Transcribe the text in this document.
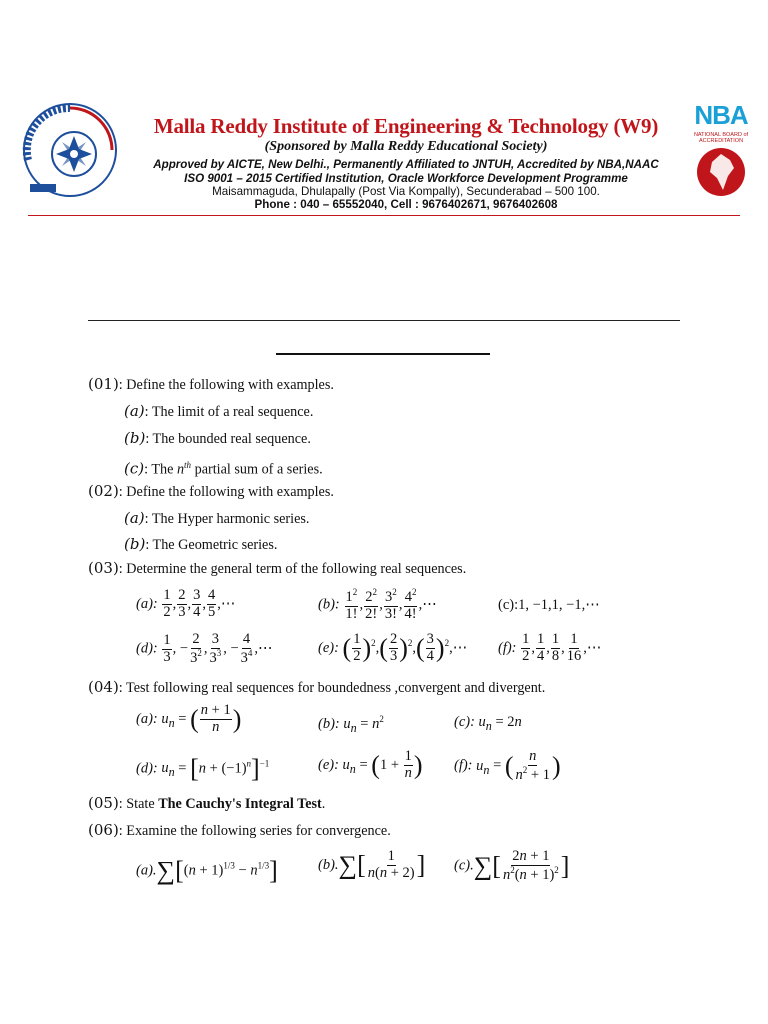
Malla Reddy Institute of Engineering & Technology (W9)
(Sponsored by Malla Reddy Educational Society)
Approved by AICTE, New Delhi., Permanently Affiliated to JNTUH, Accredited by NBA,NAAC
ISO 9001 – 2015 Certified Institution, Oracle Workforce Development Programme
Maisammaguda, Dhulapally (Post Via Kompally), Secunderabad – 500 100.
Phone : 040 – 65552040, Cell : 9676402671, 9676402608
NBA
NATIONAL BOARD of ACCREDITATION
(01): Define the following with examples.
(a): The limit of a real sequence.
(b): The bounded real sequence.
(c): The $n^{th}$ partial sum of a series.
(02): Define the following with examples.
(a): The Hyper harmonic series.
(b): The Geometric series.
(03): Determine the general term of the following real sequences.
(a): $\frac{1}{2}$ , $\frac{2}{3}$ , $\frac{3}{4}$ , $\frac{4}{5}$ ,⋯	(b): $\frac{1^2}{1!}$ , $\frac{2^2}{2!}$ , $\frac{3^2}{3!}$ , $\frac{4^2}{4!}$ ,⋯	(c):1, −1,1, −1,⋯
(d): $\frac{1}{3}$ , − $\frac{2}{3^2}$ , $\frac{3}{3^3}$ , − $\frac{4}{3^4}$ ,⋯	(e): ( $\frac{1}{2} )^2,( \frac{2}{3} )^2,( \frac{3}{4}$ )$^2,\cdots$ (f): $\frac{1}{2}$ , $\frac{1}{4}$ , $\frac{1}{8}$ , $\frac{1}{16}$ ,⋯
(04): Test following real sequences for boundedness ,convergent and divergent.
(a): $u_n$ = ( $\frac{n + 1}{n}$ )	(b): $u_n = n^2$	(c): $u_n = 2n$
(d): $u_n = [n + (-1)^n]^{-1}$	(e): $u_n = (1 + \frac{1}{n}$ ) (f): $u_n$ = ( $\frac{n}{n^2 + 1}$ )
(05): State The Cauchy's Integral Test.
(06): Examine the following series for convergence.
$(a).\sum[(n + 1)^{1/3} - n^{1/3}]$	$(b).\sum[ \frac{1}{n(n + 2)}$ ] $(c).\sum[ \frac{2n + 1}{n^2(n + 1)^2}$ ]
